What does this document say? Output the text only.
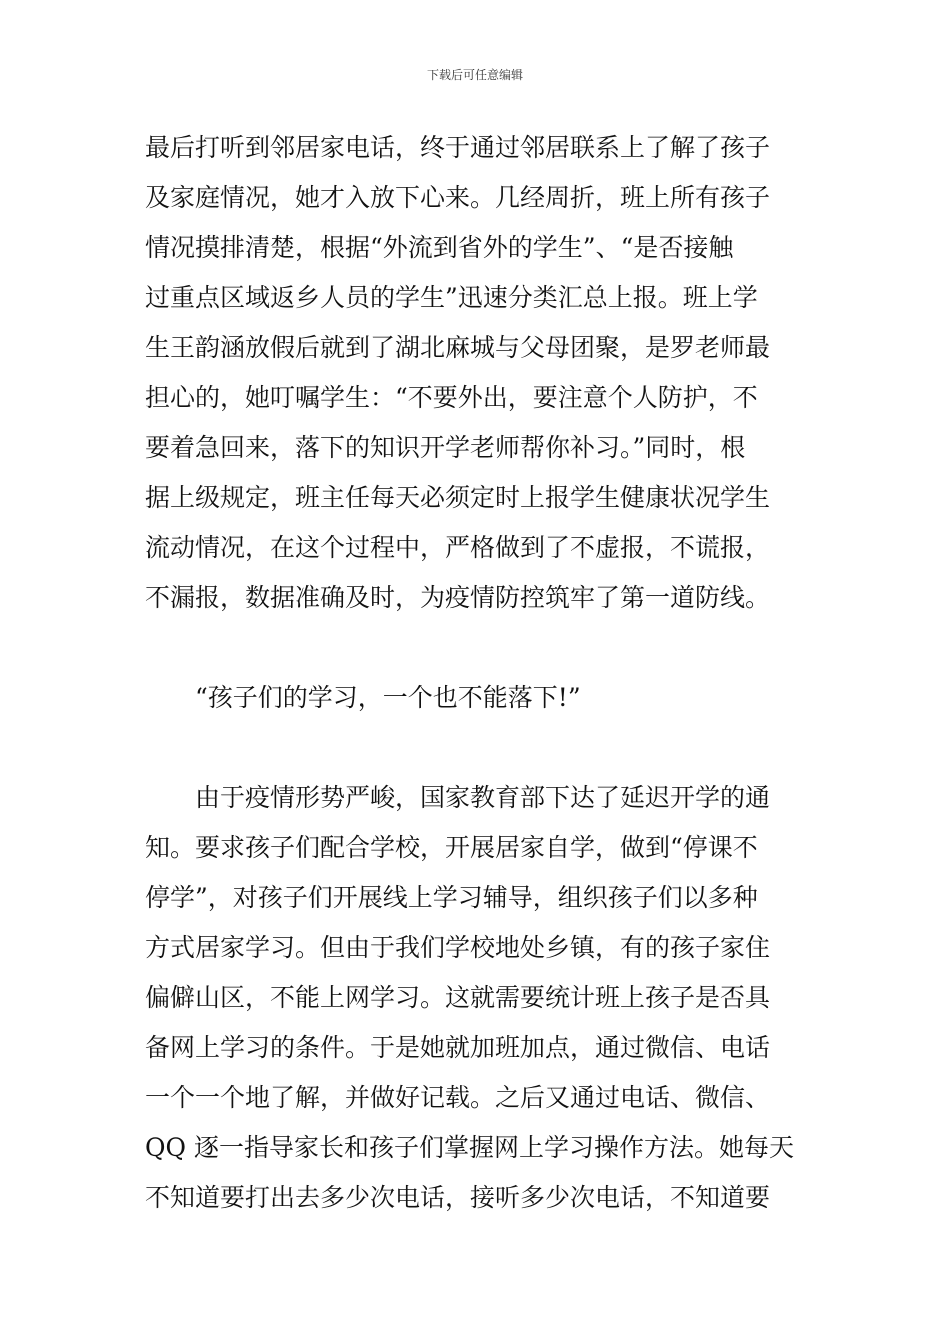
下载后可任意编辑
最后打听到邻居家电话，终于通过邻居联系上了解了孩子
及家庭情况，她才入放下心来。几经周折，班上所有孩子
情况摸排清楚，根据“外流到省外的学生”、“是否接触
过重点区域返乡人员的学生”迅速分类汇总上报。班上学
生王韵涵放假后就到了湖北麻城与父母团聚，是罗老师最
担心的，她叮嘱学生：“不要外出，要注意个人防护，不
要着急回来，落下的知识开学老师帮你补习。”同时，根
据上级规定，班主任每天必须定时上报学生健康状况学生
流动情况，在这个过程中，严格做到了不虚报，不谎报，
不漏报，数据准确及时，为疫情防控筑牢了第一道防线。
“孩子们的学习，一个也不能落下!”
由于疫情形势严峻，国家教育部下达了延迟开学的通
知。要求孩子们配合学校，开展居家自学，做到“停课不
停学”，对孩子们开展线上学习辅导，组织孩子们以多种
方式居家学习。但由于我们学校地处乡镇，有的孩子家住
偏僻山区，不能上网学习。这就需要统计班上孩子是否具
备网上学习的条件。于是她就加班加点，通过微信、电话
一个一个地了解，并做好记载。之后又通过电话、微信、
QQ 逐一指导家长和孩子们掌握网上学习操作方法。她每天
不知道要打出去多少次电话，接听多少次电话，不知道要
